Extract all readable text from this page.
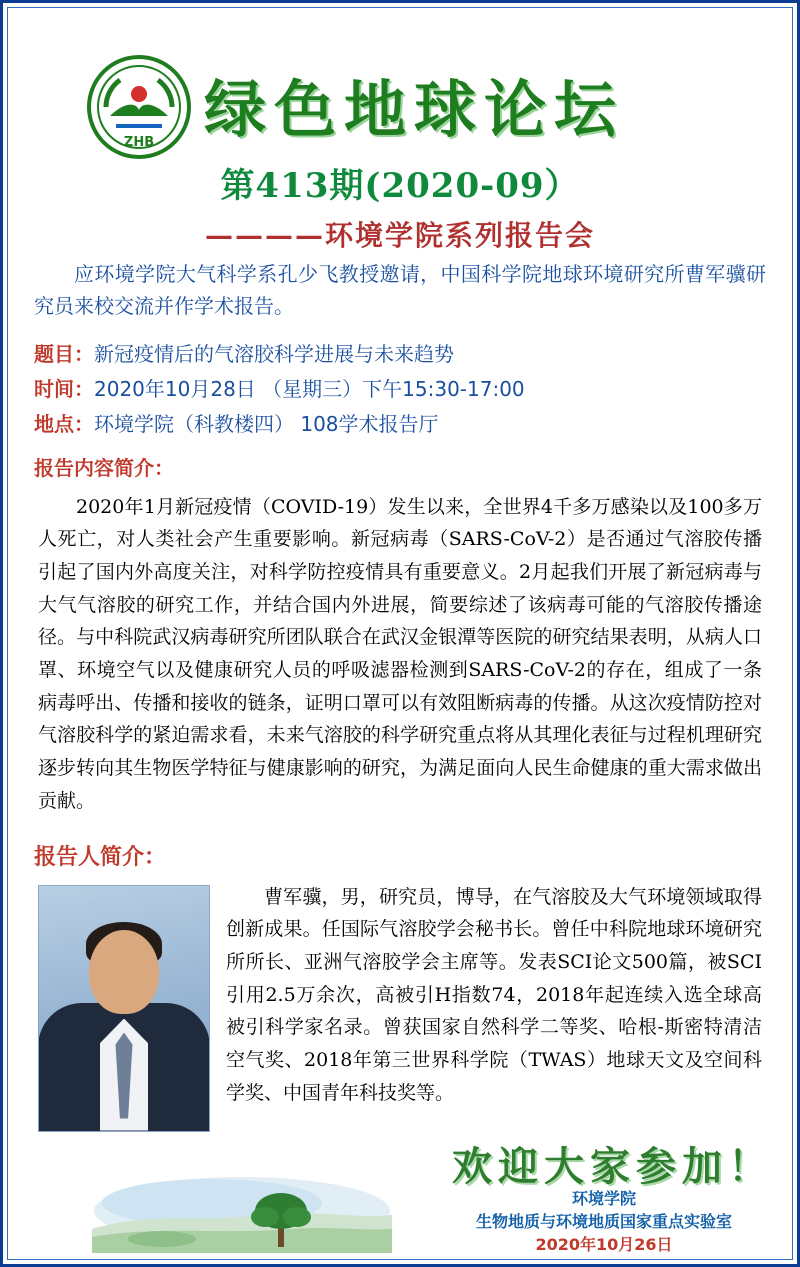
ZHB 绿色地球论坛
第413期(2020-09）
————环境学院系列报告会
应环境学院大气科学系孔少飞教授邀请，中国科学院地球环境研究所曹军骥研究员来校交流并作学术报告。
题目：新冠疫情后的气溶胶科学进展与未来趋势
时间：2020年10月28日 （星期三）下午15:30-17:00
地点：环境学院（科教楼四） 108学术报告厅
报告内容简介：
2020年1月新冠疫情（COVID-19）发生以来，全世界4千多万感染以及100多万人死亡，对人类社会产生重要影响。新冠病毒（SARS-CoV-2）是否通过气溶胶传播引起了国内外高度关注，对科学防控疫情具有重要意义。2月起我们开展了新冠病毒与大气气溶胶的研究工作，并结合国内外进展，简要综述了该病毒可能的气溶胶传播途径。与中科院武汉病毒研究所团队联合在武汉金银潭等医院的研究结果表明，从病人口罩、环境空气以及健康研究人员的呼吸滤器检测到SARS-CoV-2的存在，组成了一条病毒呼出、传播和接收的链条，证明口罩可以有效阻断病毒的传播。从这次疫情防控对气溶胶科学的紧迫需求看，未来气溶胶的科学研究重点将从其理化表征与过程机理研究逐步转向其生物医学特征与健康影响的研究，为满足面向人民生命健康的重大需求做出贡献。
报告人简介：
曹军骥，男，研究员，博导，在气溶胶及大气环境领域取得创新成果。任国际气溶胶学会秘书长。曾任中科院地球环境研究所所长、亚洲气溶胶学会主席等。发表SCI论文500篇，被SCI引用2.5万余次，高被引H指数74，2018年起连续入选全球高被引科学家名录。曾获国家自然科学二等奖、哈根-斯密特清洁空气奖、2018年第三世界科学院（TWAS）地球天文及空间科学奖、中国青年科技奖等。
欢迎大家参加！
环境学院
生物地质与环境地质国家重点实验室
2020年10月26日
